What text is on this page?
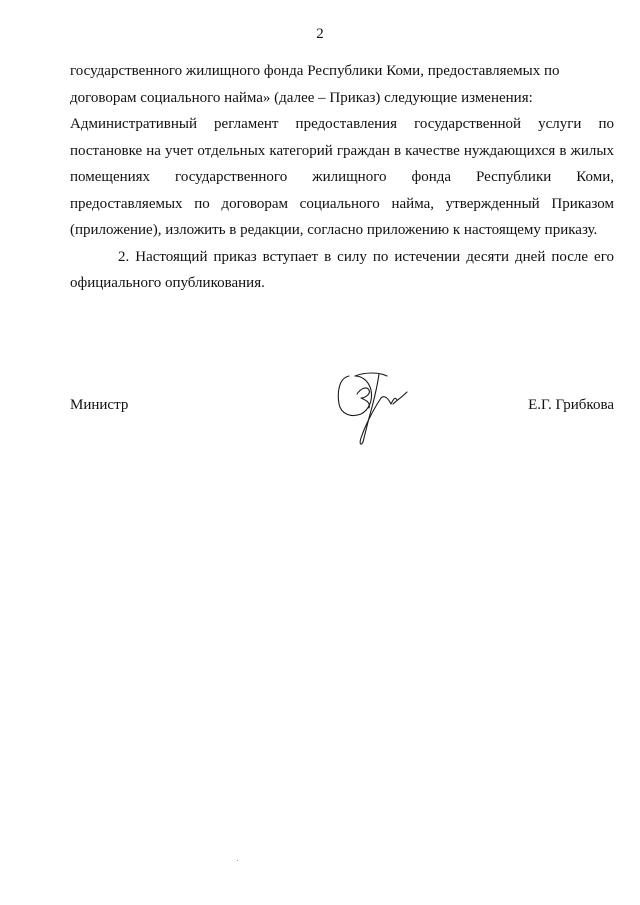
2
государственного жилищного фонда Республики Коми, предоставляемых по
договорам социального найма» (далее – Приказ) следующие изменения:
Административный регламент предоставления государственной услуги по
постановке на учет отдельных категорий граждан в качестве нуждающихся в жилых
помещениях государственного жилищного фонда Республики Коми,
предоставляемых по договорам социального найма, утвержденный Приказом
(приложение), изложить в редакции, согласно приложению к настоящему приказу.
2. Настоящий приказ вступает в силу по истечении десяти дней после его
официального опубликования.
Министр	Е.Г. Грибкова
